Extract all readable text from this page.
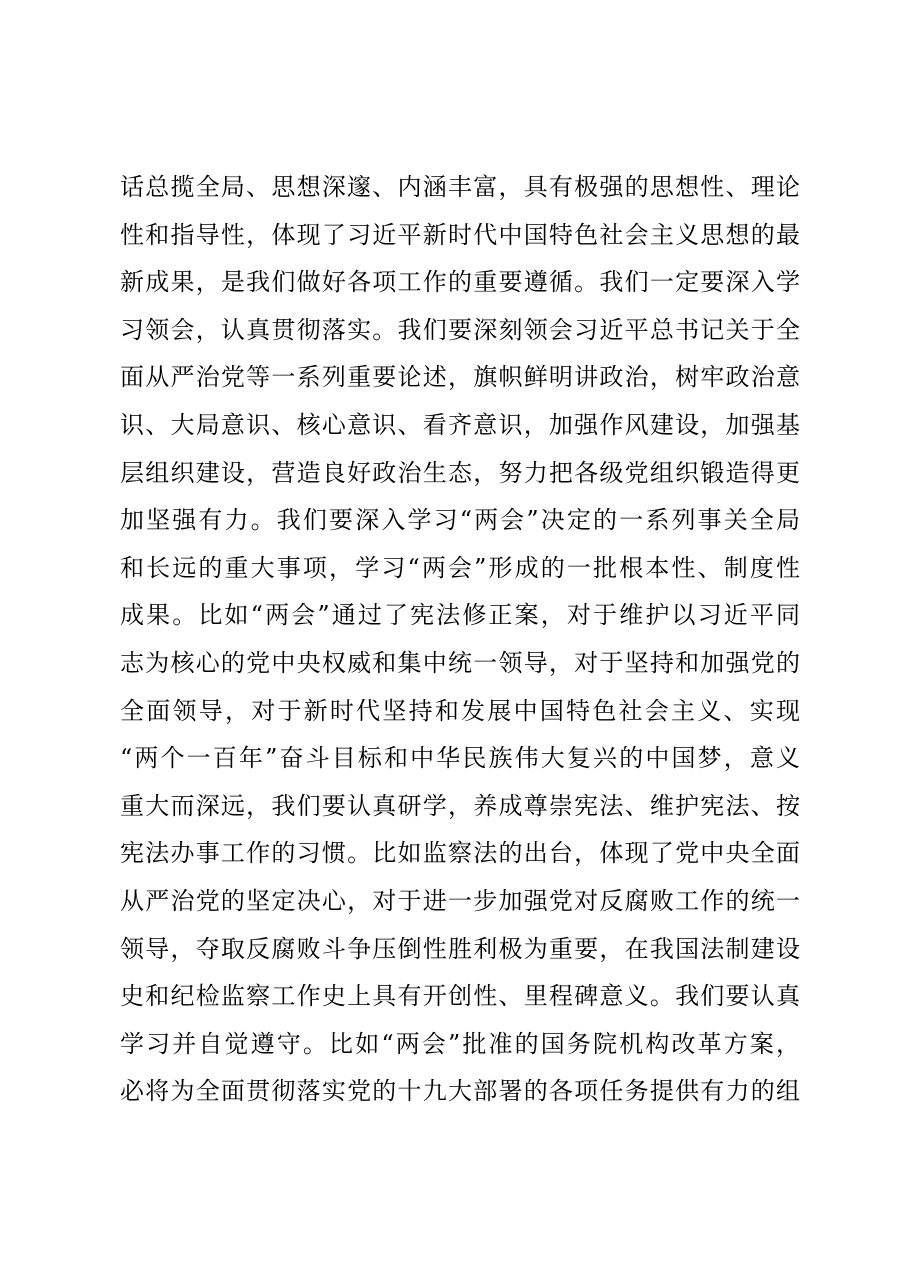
话总揽全局、思想深邃、内涵丰富，具有极强的思想性、理论
性和指导性，体现了习近平新时代中国特色社会主义思想的最
新成果，是我们做好各项工作的重要遵循。我们一定要深入学
习领会，认真贯彻落实。我们要深刻领会习近平总书记关于全
面从严治党等一系列重要论述，旗帜鲜明讲政治，树牢政治意
识、大局意识、核心意识、看齐意识，加强作风建设，加强基
层组织建设，营造良好政治生态，努力把各级党组织锻造得更
加坚强有力。我们要深入学习“两会”决定的一系列事关全局
和长远的重大事项，学习“两会”形成的一批根本性、制度性
成果。比如“两会”通过了宪法修正案，对于维护以习近平同
志为核心的党中央权威和集中统一领导，对于坚持和加强党的
全面领导，对于新时代坚持和发展中国特色社会主义、实现
“两个一百年”奋斗目标和中华民族伟大复兴的中国梦，意义
重大而深远，我们要认真研学，养成尊崇宪法、维护宪法、按
宪法办事工作的习惯。比如监察法的出台，体现了党中央全面
从严治党的坚定决心，对于进一步加强党对反腐败工作的统一
领导，夺取反腐败斗争压倒性胜利极为重要，在我国法制建设
史和纪检监察工作史上具有开创性、里程碑意义。我们要认真
学习并自觉遵守。比如“两会”批准的国务院机构改革方案，
必将为全面贯彻落实党的十九大部署的各项任务提供有力的组
